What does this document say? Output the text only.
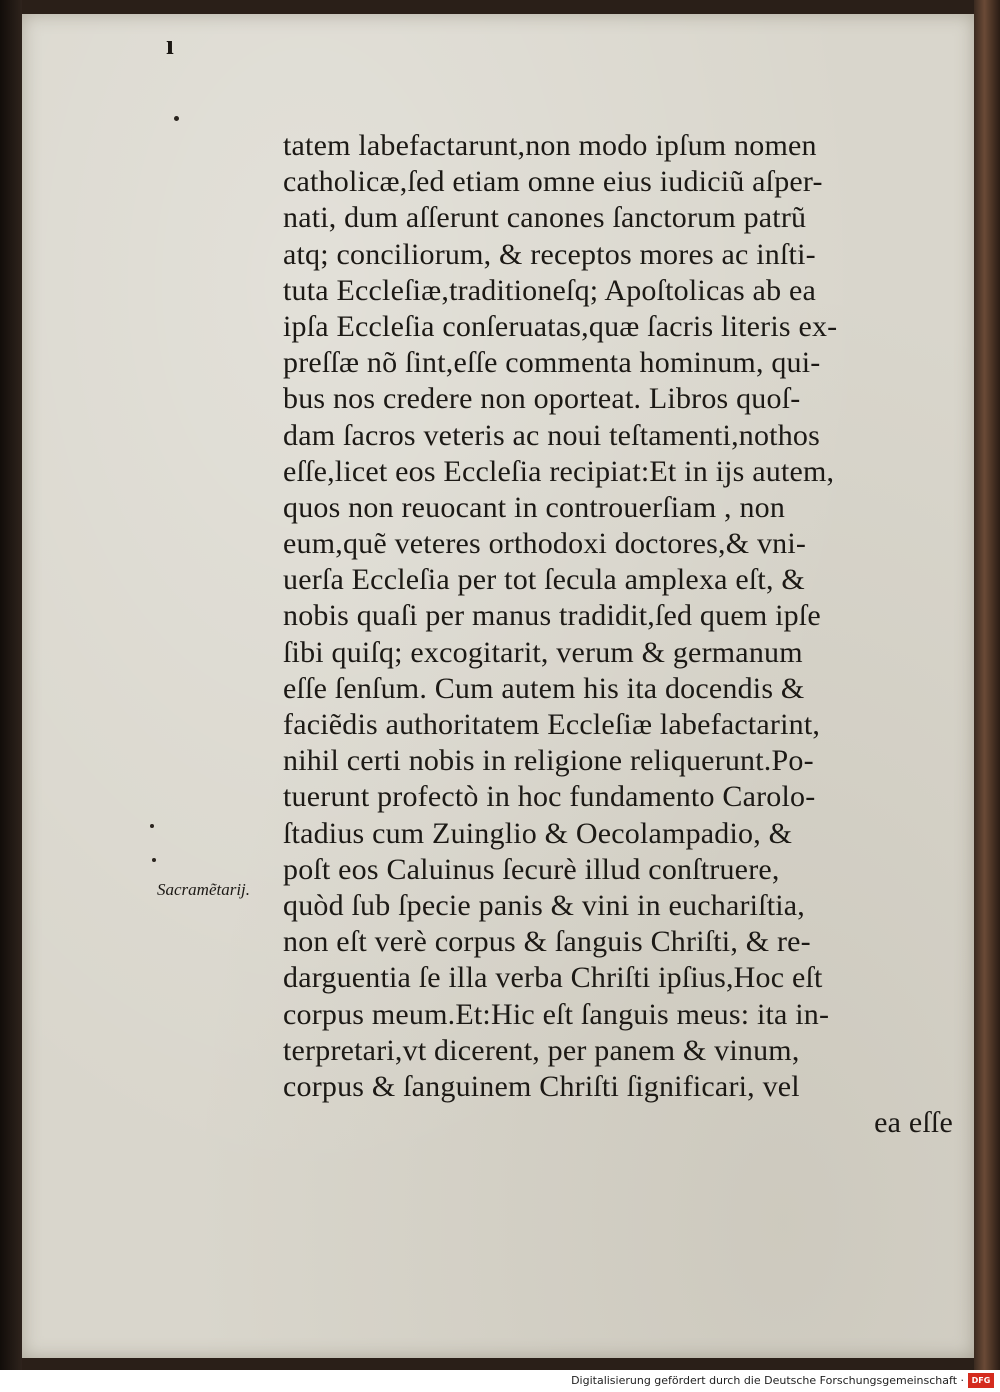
ı
Sacramẽtarij.
tatem labefactarunt,non modo ipſum nomen
catholicæ,ſed etiam omne eius iudiciũ aſper-
nati, dum aſſerunt canones ſanctorum patrũ
atq; conciliorum, & receptos mores ac inſti-
tuta Eccleſiæ,traditioneſq; Apoſtolicas ab ea
ipſa Eccleſia conſeruatas,quæ ſacris literis ex-
preſſæ nõ ſint,eſſe commenta hominum, qui-
bus nos credere non oporteat. Libros quoſ-
dam ſacros veteris ac noui teſtamenti,nothos
eſſe,licet eos Eccleſia recipiat:Et in ijs autem,
quos non reuocant in controuerſiam , non
eum,quẽ veteres orthodoxi doctores,& vni-
uerſa Eccleſia per tot ſecula amplexa eſt, &
nobis quaſi per manus tradidit,ſed quem ipſe
ſibi quiſq; excogitarit, verum & germanum
eſſe ſenſum. Cum autem his ita docendis &
faciẽdis authoritatem Eccleſiæ labefactarint,
nihil certi nobis in religione reliquerunt.Po-
tuerunt profectò in hoc fundamento Carolo-
ſtadius cum Zuinglio & Oecolampadio, &
poſt eos Caluinus ſecurè illud conſtruere,
quòd ſub ſpecie panis & vini in euchariſtia,
non eſt verè corpus & ſanguis Chriſti, & re-
darguentia ſe illa verba Chriſti ipſius,Hoc eſt
corpus meum.Et:Hic eſt ſanguis meus: ita in-
terpretari,vt dicerent, per panem & vinum,
corpus & ſanguinem Chriſti ſignificari, vel
ea eſſe
Digitalisierung gefördert durch die Deutsche Forschungsgemeinschaft · DFG
